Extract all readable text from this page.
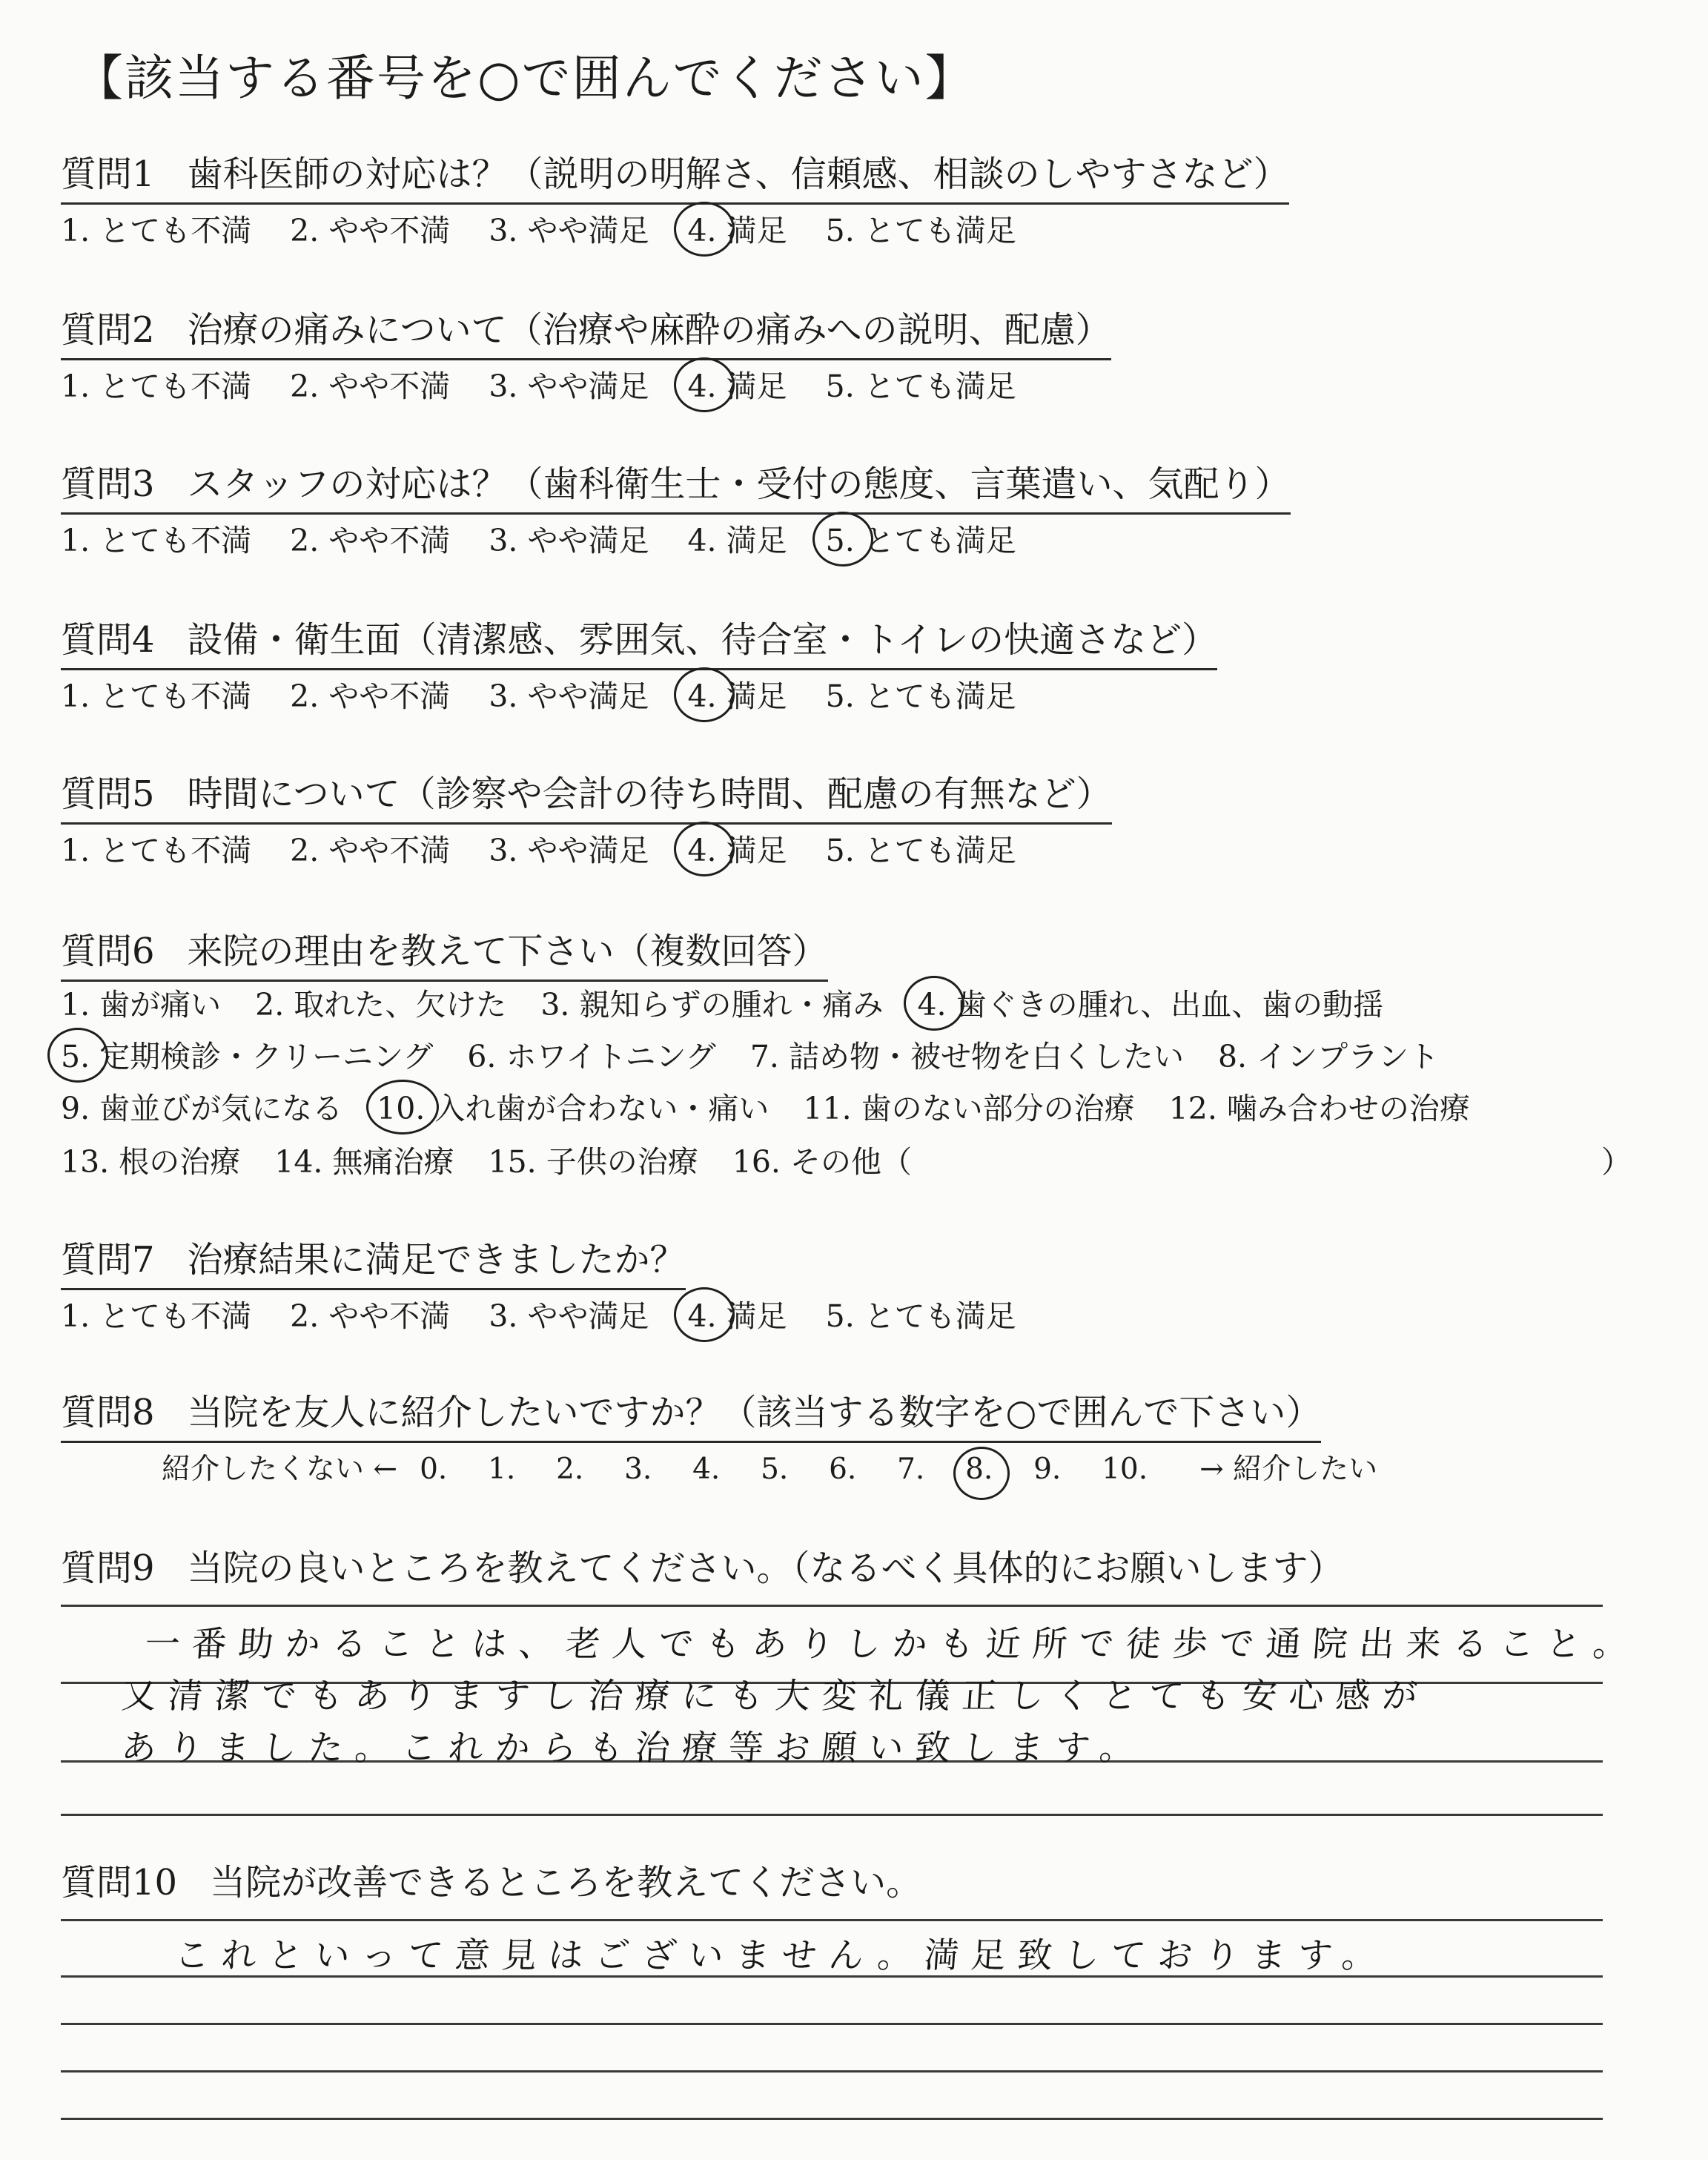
【該当する番号を○で囲んでください】
質問1 歯科医師の対応は？（説明の明解さ、信頼感、相談のしやすさなど）
1. とても不満 2. やや不満 3. やや満足 4. 満足 5. とても満足
質問2 治療の痛みについて（治療や麻酔の痛みへの説明、配慮）
1. とても不満 2. やや不満 3. やや満足 4. 満足 5. とても満足
質問3 スタッフの対応は？（歯科衛生士・受付の態度、言葉遣い、気配り）
1. とても不満 2. やや不満 3. やや満足 4. 満足 5. とても満足
質問4 設備・衛生面（清潔感、雰囲気、待合室・トイレの快適さなど）
1. とても不満 2. やや不満 3. やや満足 4. 満足 5. とても満足
質問5 時間について（診察や会計の待ち時間、配慮の有無など）
1. とても不満 2. やや不満 3. やや満足 4. 満足 5. とても満足
質問6 来院の理由を教えて下さい（複数回答）
1. 歯が痛い 2. 取れた、欠けた 3. 親知らずの腫れ・痛み 4. 歯ぐきの腫れ、出血、歯の動揺
5. 定期検診・クリーニング 6. ホワイトニング 7. 詰め物・被せ物を白くしたい 8. インプラント
9. 歯並びが気になる 10. 入れ歯が合わない・痛い 11. 歯のない部分の治療 12. 噛み合わせの治療
13. 根の治療 14. 無痛治療 15. 子供の治療 16. その他（	）
質問7 治療結果に満足できましたか？
1. とても不満 2. やや不満 3. やや満足 4. 満足 5. とても満足
質問8 当院を友人に紹介したいですか？（該当する数字を○で囲んで下さい）
紹介したくない ← 0. 1. 2. 3. 4. 5. 6. 7. 8. 9. 10. → 紹介したい
質問9 当院の良いところを教えてください。（なるべく具体的にお願いします）
一番助かることは、老人でもありしかも近所で徒歩で通院出来ること。
又清潔でもありますし治療にも大変礼儀正しくとても安心感が
ありました。これからも治療等お願い致します。
質問10 当院が改善できるところを教えてください。
これといって意見はございません。満足致しております。
